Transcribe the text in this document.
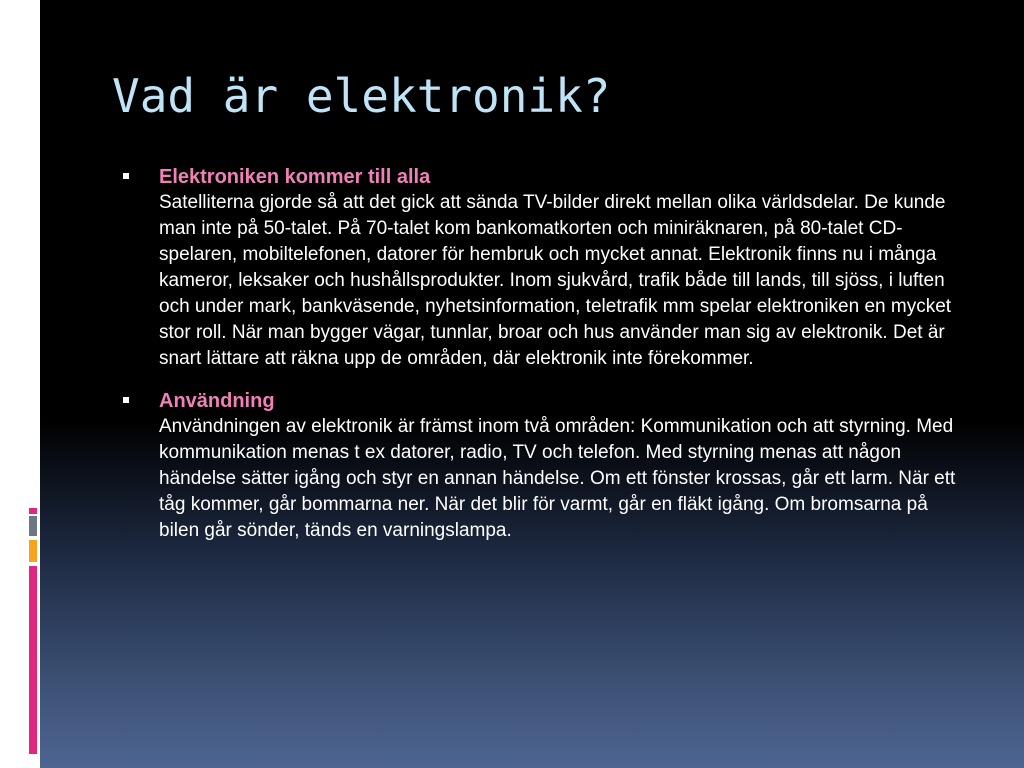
Vad är elektronik?
Elektroniken kommer till alla
Satelliterna gjorde så att det gick att sända TV-bilder direkt mellan olika världsdelar. De kunde man inte på 50-talet. På 70-talet kom bankomatkorten och miniräknaren, på 80-talet CD-spelaren, mobiltelefonen, datorer för hembruk och mycket annat. Elektronik finns nu i många kameror, leksaker och hushållsprodukter. Inom sjukvård, trafik både till lands, till sjöss, i luften och under mark, bankväsende, nyhetsinformation, teletrafik mm spelar elektroniken en mycket stor roll. När man bygger vägar, tunnlar, broar och hus använder man sig av elektronik. Det är snart lättare att räkna upp de områden, där elektronik inte förekommer.
Användning
Användningen av elektronik är främst inom två områden: Kommunikation och att styrning. Med kommunikation menas t ex datorer, radio, TV och telefon. Med styrning menas att någon händelse sätter igång och styr en annan händelse. Om ett fönster krossas, går ett larm. När ett tåg kommer, går bommarna ner. När det blir för varmt, går en fläkt igång. Om bromsarna på bilen går sönder, tänds en varningslampa.
